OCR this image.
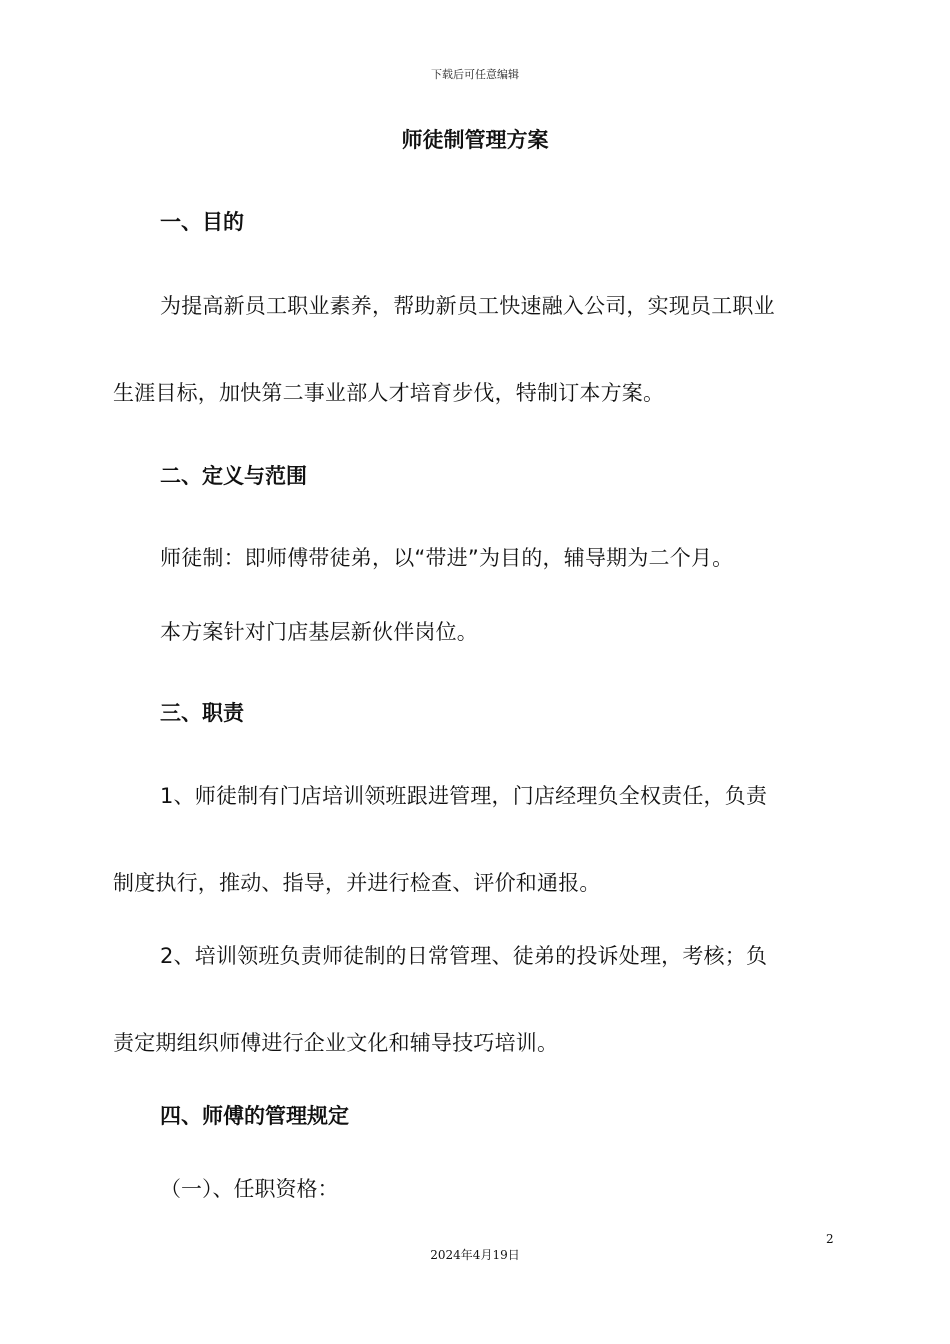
下载后可任意编辑
师徒制管理方案
一、目的

为提高新员工职业素养，帮助新员工快速融入公司，实现员工职业

生涯目标，加快第二事业部人才培育步伐，特制订本方案。

二、定义与范围

师徒制：即师傅带徒弟，以“带进”为目的，辅导期为二个月。

本方案针对门店基层新伙伴岗位。

三、职责

1、师徒制有门店培训领班跟进管理，门店经理负全权责任，负责

制度执行，推动、指导，并进行检查、评价和通报。

2、培训领班负责师徒制的日常管理、徒弟的投诉处理，考核；负

责定期组织师傅进行企业文化和辅导技巧培训。

四、师傅的管理规定

（一）、任职资格：

2
2024年4月19日
